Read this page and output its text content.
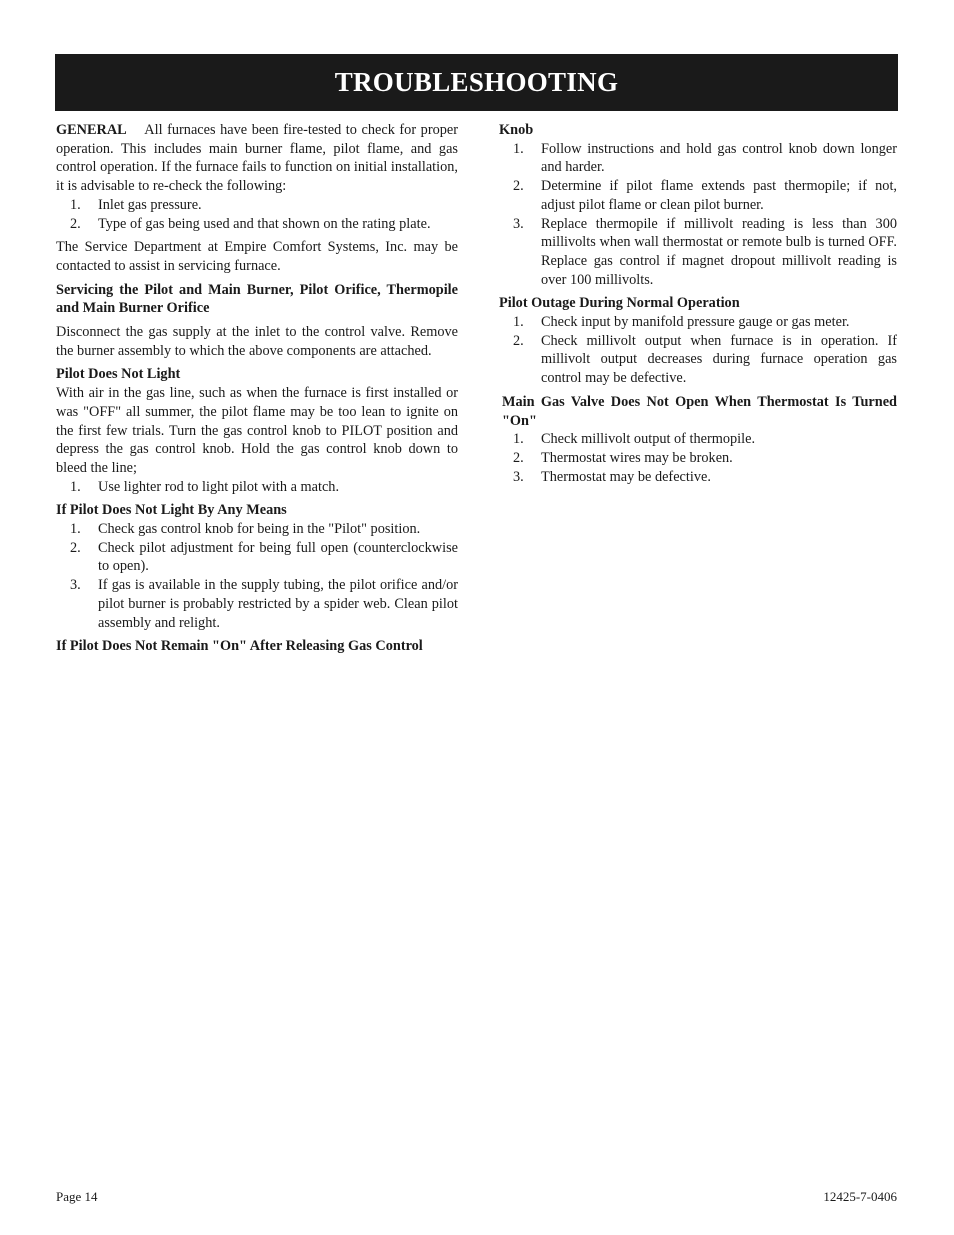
TROUBLESHOOTING

GENERAL All furnaces have been fire-tested to check for proper operation. This includes main burner flame, pilot flame, and gas control operation. If the furnace fails to function on initial installation, it is advisable to re-check the following:

1.	Inlet gas pressure.
2.	Type of gas being used and that shown on the rating plate.

The Service Department at Empire Comfort Systems, Inc. may be contacted to assist in servicing furnace.

Servicing the Pilot and Main Burner, Pilot Orifice, Thermopile and Main Burner Orifice

Disconnect the gas supply at the inlet to the control valve. Remove the burner assembly to which the above components are attached.

Pilot Does Not Light

With air in the gas line, such as when the furnace is first installed or was "OFF" all summer, the pilot flame may be too lean to ignite on the first few trials. Turn the gas control knob to PILOT position and depress the gas control knob. Hold the gas control knob down to bleed the line;

1.	Use lighter rod to light pilot with a match.

If Pilot Does Not Light By Any Means

1.	Check gas control knob for being in the "Pilot" position.
2.	Check pilot adjustment for being full open (counterclockwise to open).
3.	If gas is available in the supply tubing, the pilot orifice and/or pilot burner is probably restricted by a spider web. Clean pilot assembly and relight.

If Pilot Does Not Remain "On" After Releasing Gas Control

Knob

1.	Follow instructions and hold gas control knob down longer and harder.
2.	Determine if pilot flame extends past thermopile; if not, adjust pilot flame or clean pilot burner.
3.	Replace thermopile if millivolt reading is less than 300 millivolts when wall thermostat or remote bulb is turned OFF. Replace gas control if magnet dropout millivolt reading is over 100 millivolts.

Pilot Outage During Normal Operation

1.	Check input by manifold pressure gauge or gas meter.
2.	Check millivolt output when furnace is in operation. If millivolt output decreases during furnace operation gas control may be defective.

Main Gas Valve Does Not Open When Thermostat Is Turned "On"

1.	Check millivolt output of thermopile.
2.	Thermostat wires may be broken.
3.	Thermostat may be defective.
Page 14	12425-7-0406
